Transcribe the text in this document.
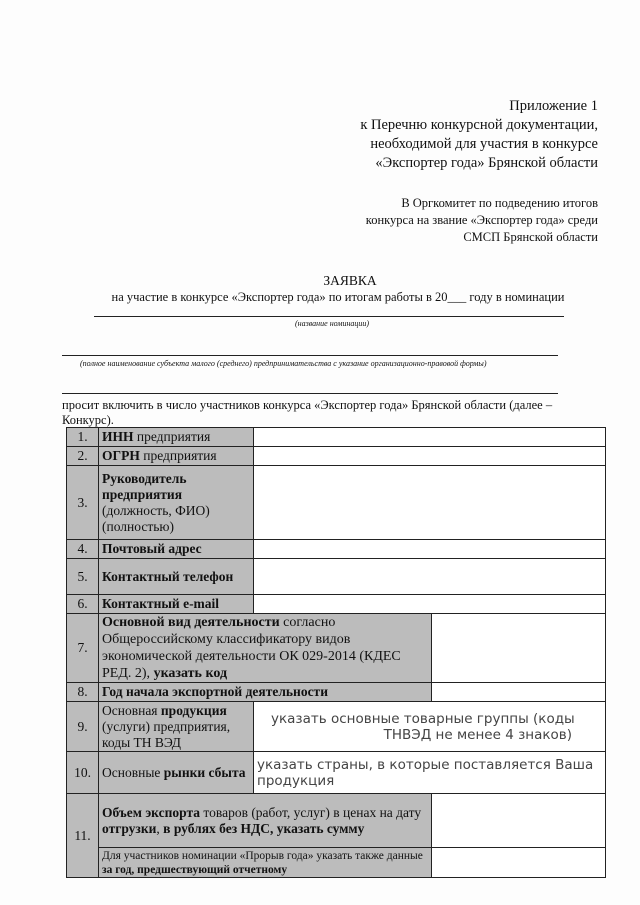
Приложение 1
к Перечню конкурсной документации,
необходимой для участия в конкурсе
«Экспортер года» Брянской области
В Оргкомитет по подведению итогов
конкурса на звание «Экспортер года» среди
СМСП Брянской области
ЗАЯВКА
на участие в конкурсе «Экспортер года» по итогам работы в 20___ году в номинации
(название номинации)
(полное наименование субъекта малого (среднего) предпринимательства с указание организационно-правовой формы)
просит включить в число участников конкурса «Экспортер года» Брянской области (далее –
Конкурс).
1.	ИНН предприятия		
2.	ОГРН предприятия		
3.	Руководитель предприятия
(должность, ФИО) (полностью)		
4.	Почтовый адрес		
5.	Контактный телефон		
6.	Контактный e-mail		
7.	Основной вид деятельности согласно Общероссийскому классификатору видов экономической деятельности ОК 029-2014 (КДЕС РЕД. 2), указать код		
8.	Год начала экспортной деятельности		
9.	Основная продукция (услуги) предприятия, коды ТН ВЭД	указать основные товарные группы (коды
ТНВЭД не менее 4 знаков)	

10.	Основные рынки сбыта	указать страны, в которые поставляется Ваша продукция	
11.	Объем экспорта товаров (работ, услуг) в ценах на дату отгрузки, в рублях без НДС, указать сумму		
	Для участников номинации «Прорыв года» указать также данные за год, предшествующий отчетному		
